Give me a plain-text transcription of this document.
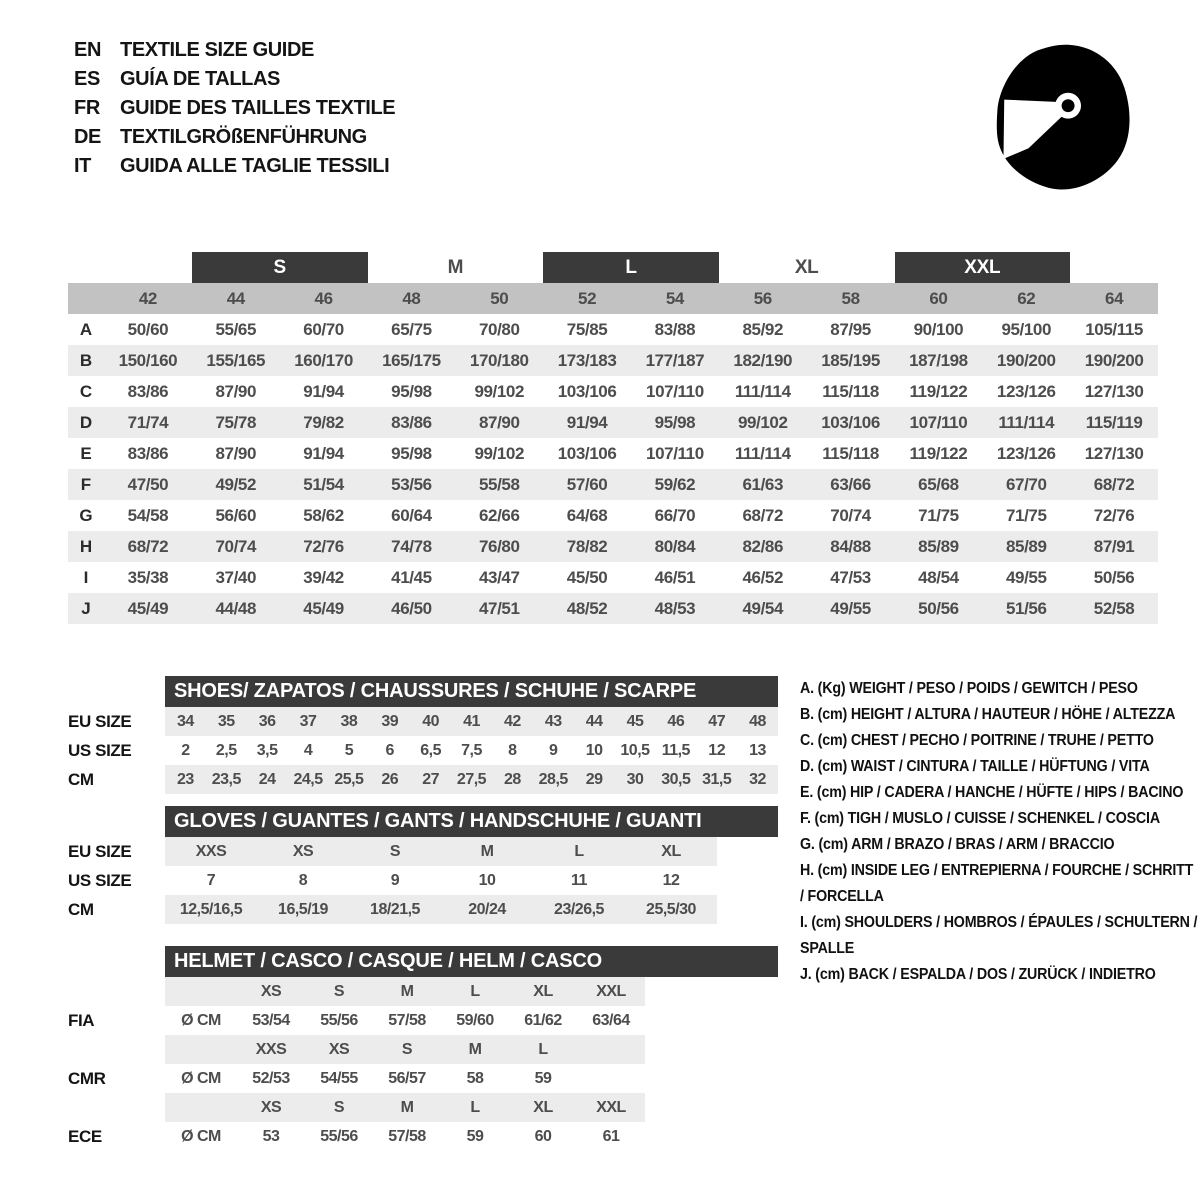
EN TEXTILE SIZE GUIDE
ES	GUÍA DE TALLAS
FR	GUIDE DES TAILLES TEXTILE
DE TEXTILGRÖßENFÜHRUNG
IT	GUIDA ALLE TAGLIE TESSILI
S	M	L	XL	XXL
42	44	46	48	50	52	54	56	58	60	62	64
A	50/60	55/65	60/70	65/75	70/80	75/85	83/88	85/92	87/95	90/100	95/100	105/115
B	150/160	155/165	160/170	165/175	170/180	173/183	177/187	182/190	185/195	187/198	190/200	190/200
C	83/86	87/90	91/94	95/98	99/102	103/106	107/110	111/114	115/118	119/122	123/126	127/130
D	71/74	75/78	79/82	83/86	87/90	91/94	95/98	99/102	103/106	107/110	111/114	115/119
E	83/86	87/90	91/94	95/98	99/102	103/106	107/110	111/114	115/118	119/122	123/126	127/130
F	47/50	49/52	51/54	53/56	55/58	57/60	59/62	61/63	63/66	65/68	67/70	68/72
G	54/58	56/60	58/62	60/64	62/66	64/68	66/70	68/72	70/74	71/75	71/75	72/76
H	68/72	70/74	72/76	74/78	76/80	78/82	80/84	82/86	84/88	85/89	85/89	87/91
I	35/38	37/40	39/42	41/45	43/47	45/50	46/51	46/52	47/53	48/54	49/55	50/56
J	45/49	44/48	45/49	46/50	47/51	48/52	48/53	49/54	49/55	50/56	51/56	52/58
SHOES/ ZAPATOS / CHAUSSURES / SCHUHE / SCARPE
EU SIZE	34	35	36	37	38	39	40	41	42	43	44	45	46	47	48
US SIZE	2	2,5	3,5	4	5	6	6,5	7,5	8	9	10	10,5 11,5	12	13
CM	23	23,5	24	24,5 25,5	26	27	27,5	28	28,5	29	30	30,5 31,5	32
GLOVES / GUANTES / GANTS / HANDSCHUHE / GUANTI
EU SIZE	XXS	XS	S	M	L	XL
US SIZE	7	8	9	10	11	12
CM	12,5/16,5	16,5/19	18/21,5	20/24	23/26,5	25,5/30
HELMET / CASCO / CASQUE / HELM / CASCO
XS	S	M	L	XL	XXL
FIA	Ø CM	53/54	55/56	57/58	59/60	61/62	63/64
XXS	XS	S	M	L
CMR	Ø CM	52/53	54/55	56/57	58	59
XS	S	M	L	XL	XXL
ECE	Ø CM	53	55/56	57/58	59	60	61
A. (Kg) WEIGHT / PESO / POIDS / GEWITCH / PESO
B. (cm) HEIGHT / ALTURA / HAUTEUR / HÖHE / ALTEZZA
C. (cm) CHEST / PECHO / POITRINE / TRUHE / PETTO
D. (cm) WAIST / CINTURA / TAILLE / HÜFTUNG / VITA
E. (cm) HIP / CADERA / HANCHE / HÜFTE / HIPS / BACINO
F. (cm) TIGH / MUSLO / CUISSE / SCHENKEL / COSCIA
G. (cm) ARM / BRAZO / BRAS / ARM / BRACCIO
H. (cm) INSIDE LEG / ENTREPIERNA / FOURCHE / SCHRITT / FORCELLA
I. (cm) SHOULDERS / HOMBROS / ÉPAULES / SCHULTERN / SPALLE
J. (cm) BACK / ESPALDA / DOS / ZURÜCK / INDIETRO
